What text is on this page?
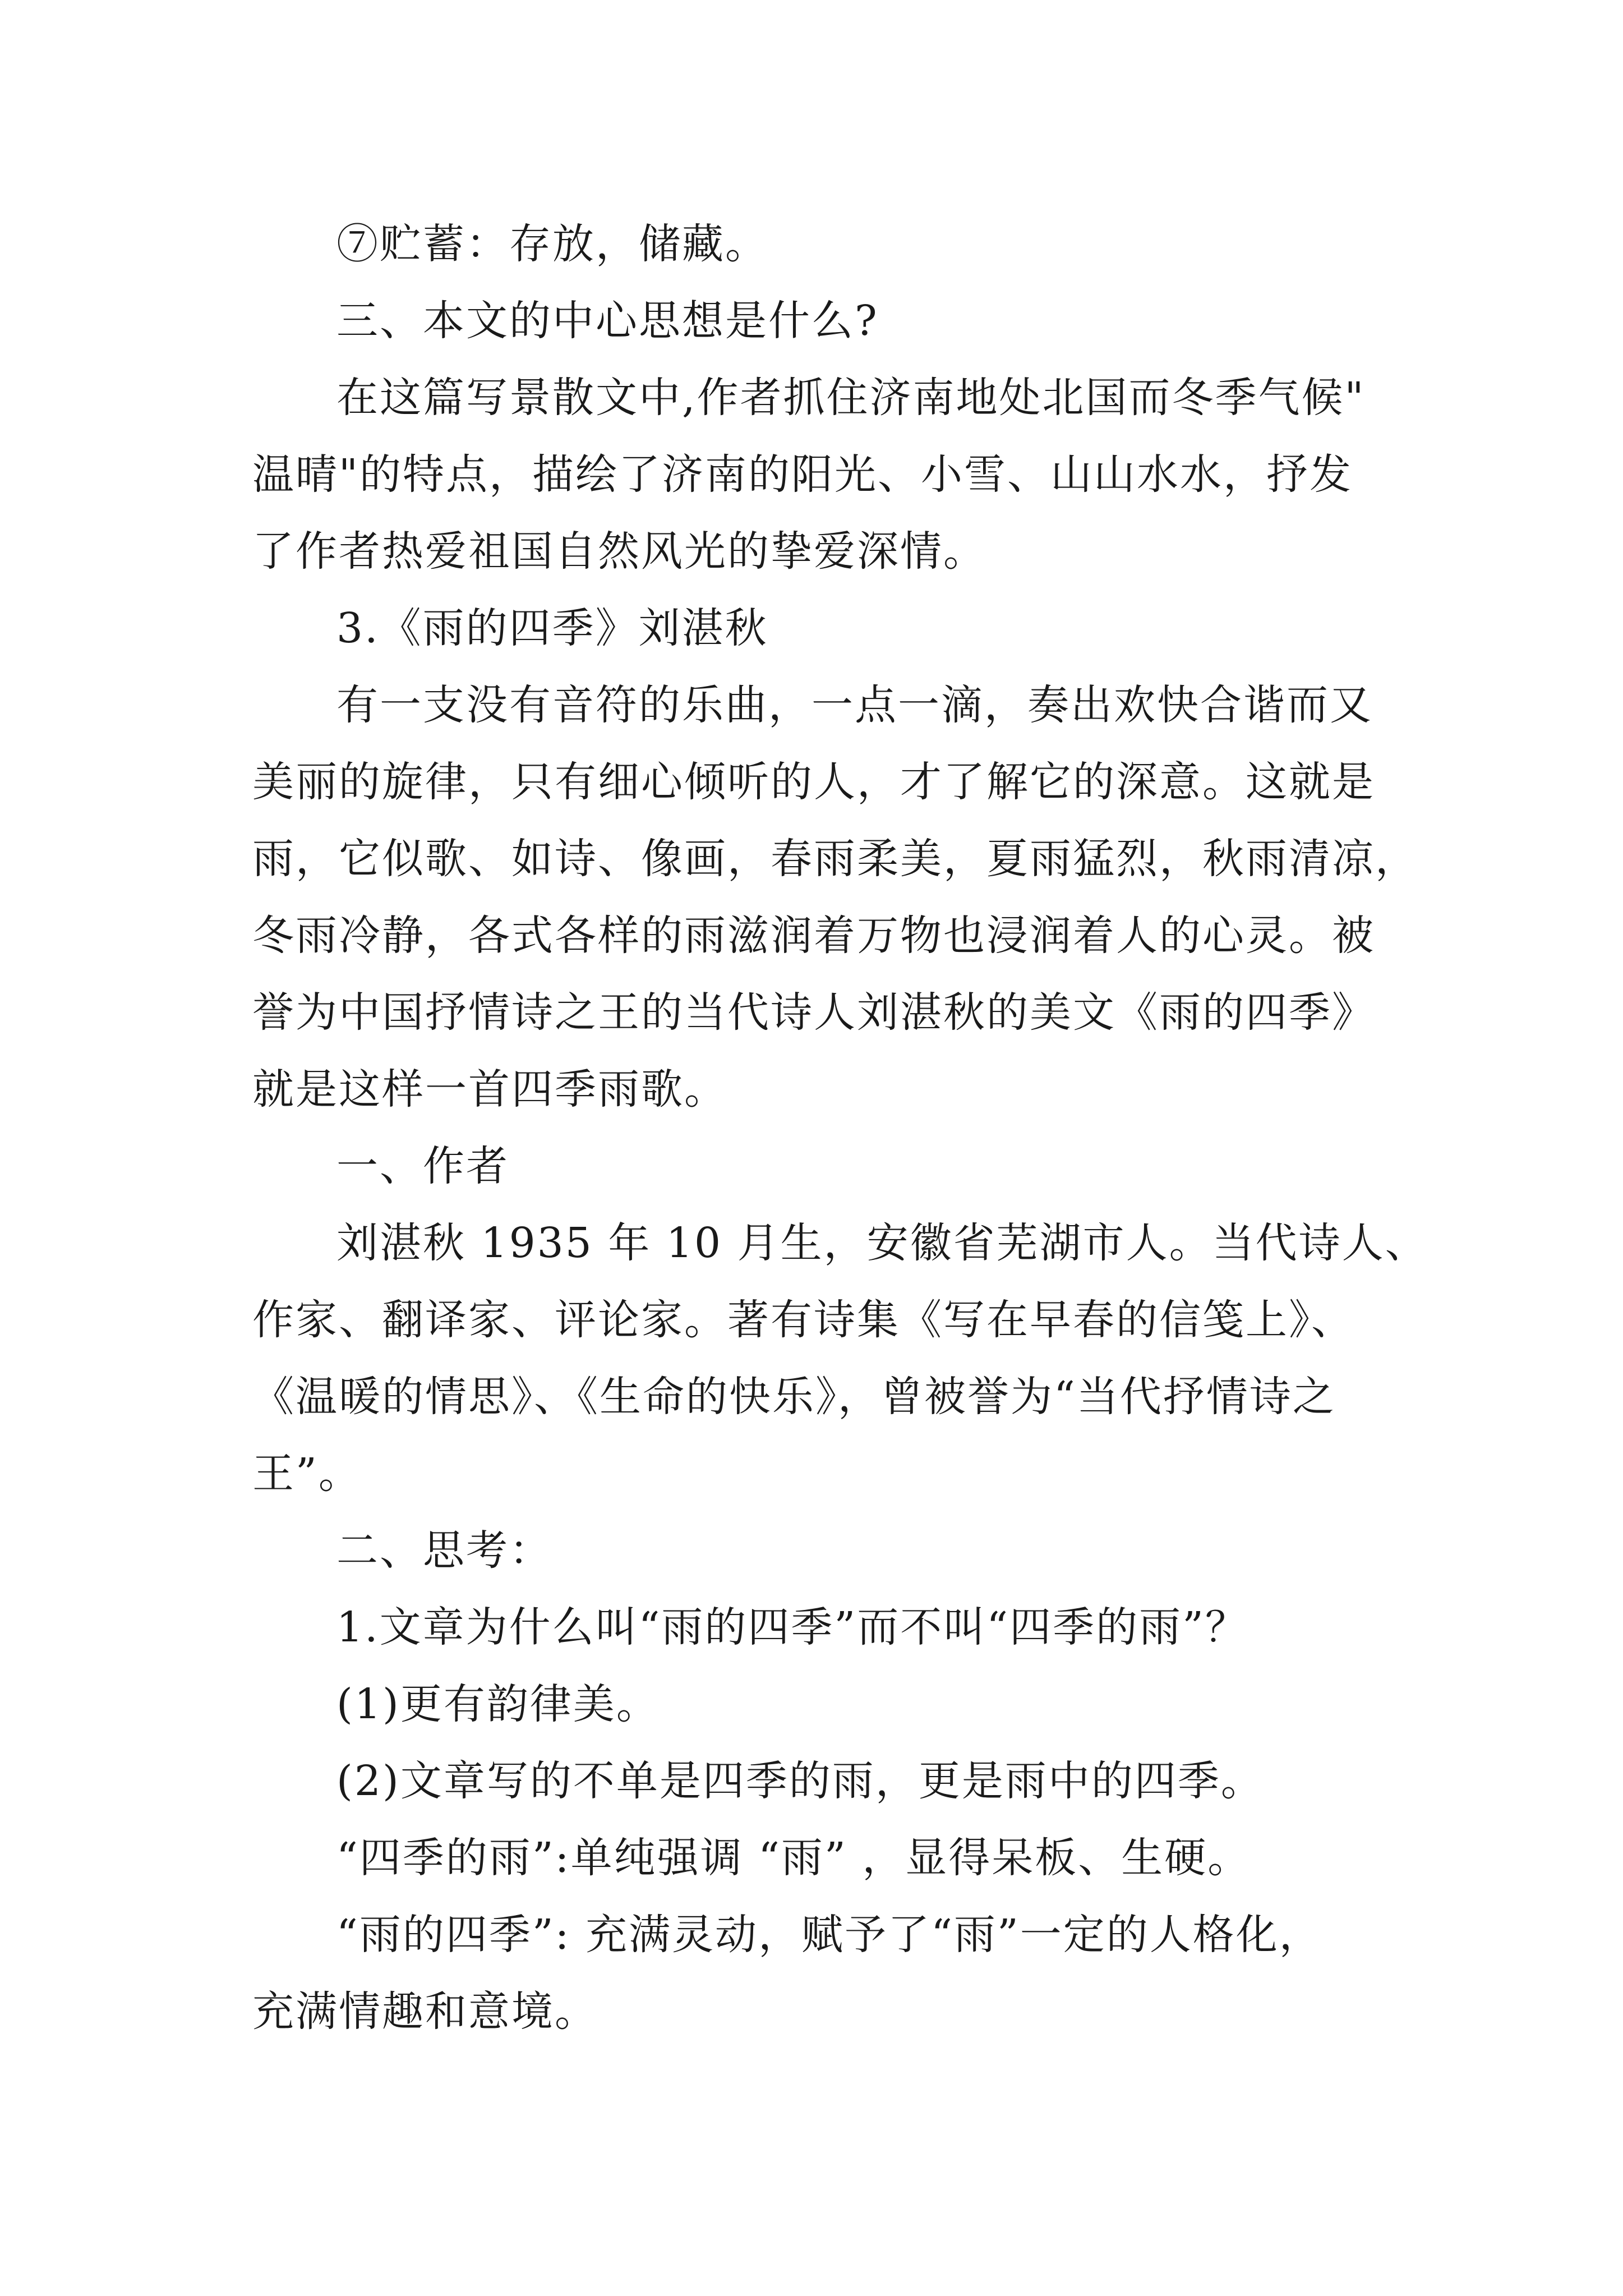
⑦贮蓄：存放，储藏。

三、本文的中心思想是什么?

在这篇写景散文中,作者抓住济南地处北国而冬季气候"

温晴"的特点，描绘了济南的阳光、小雪、山山水水，抒发

了作者热爱祖国自然风光的挚爱深情。

3.《雨的四季》刘湛秋

有一支没有音符的乐曲，一点一滴，奏出欢快合谐而又

美丽的旋律，只有细心倾听的人，才了解它的深意。这就是

雨，它似歌、如诗、像画，春雨柔美，夏雨猛烈，秋雨清凉，

冬雨冷静，各式各样的雨滋润着万物也浸润着人的心灵。被

誉为中国抒情诗之王的当代诗人刘湛秋的美文《雨的四季》

就是这样一首四季雨歌。

一、作者

刘湛秋 1935 年 10 月生，安徽省芜湖市人。当代诗人、

作家、翻译家、评论家。著有诗集《写在早春的信笺上》、

《温暖的情思》、《生命的快乐》，曾被誉为“当代抒情诗之

王”。

二、思考：

1.文章为什么叫“雨的四季”而不叫“四季的雨”？

(1)更有韵律美。

(2)文章写的不单是四季的雨，更是雨中的四季。

“四季的雨”:单纯强调 “雨” ，显得呆板、生硬。

“雨的四季”: 充满灵动，赋予了“雨”一定的人格化，

充满情趣和意境。
